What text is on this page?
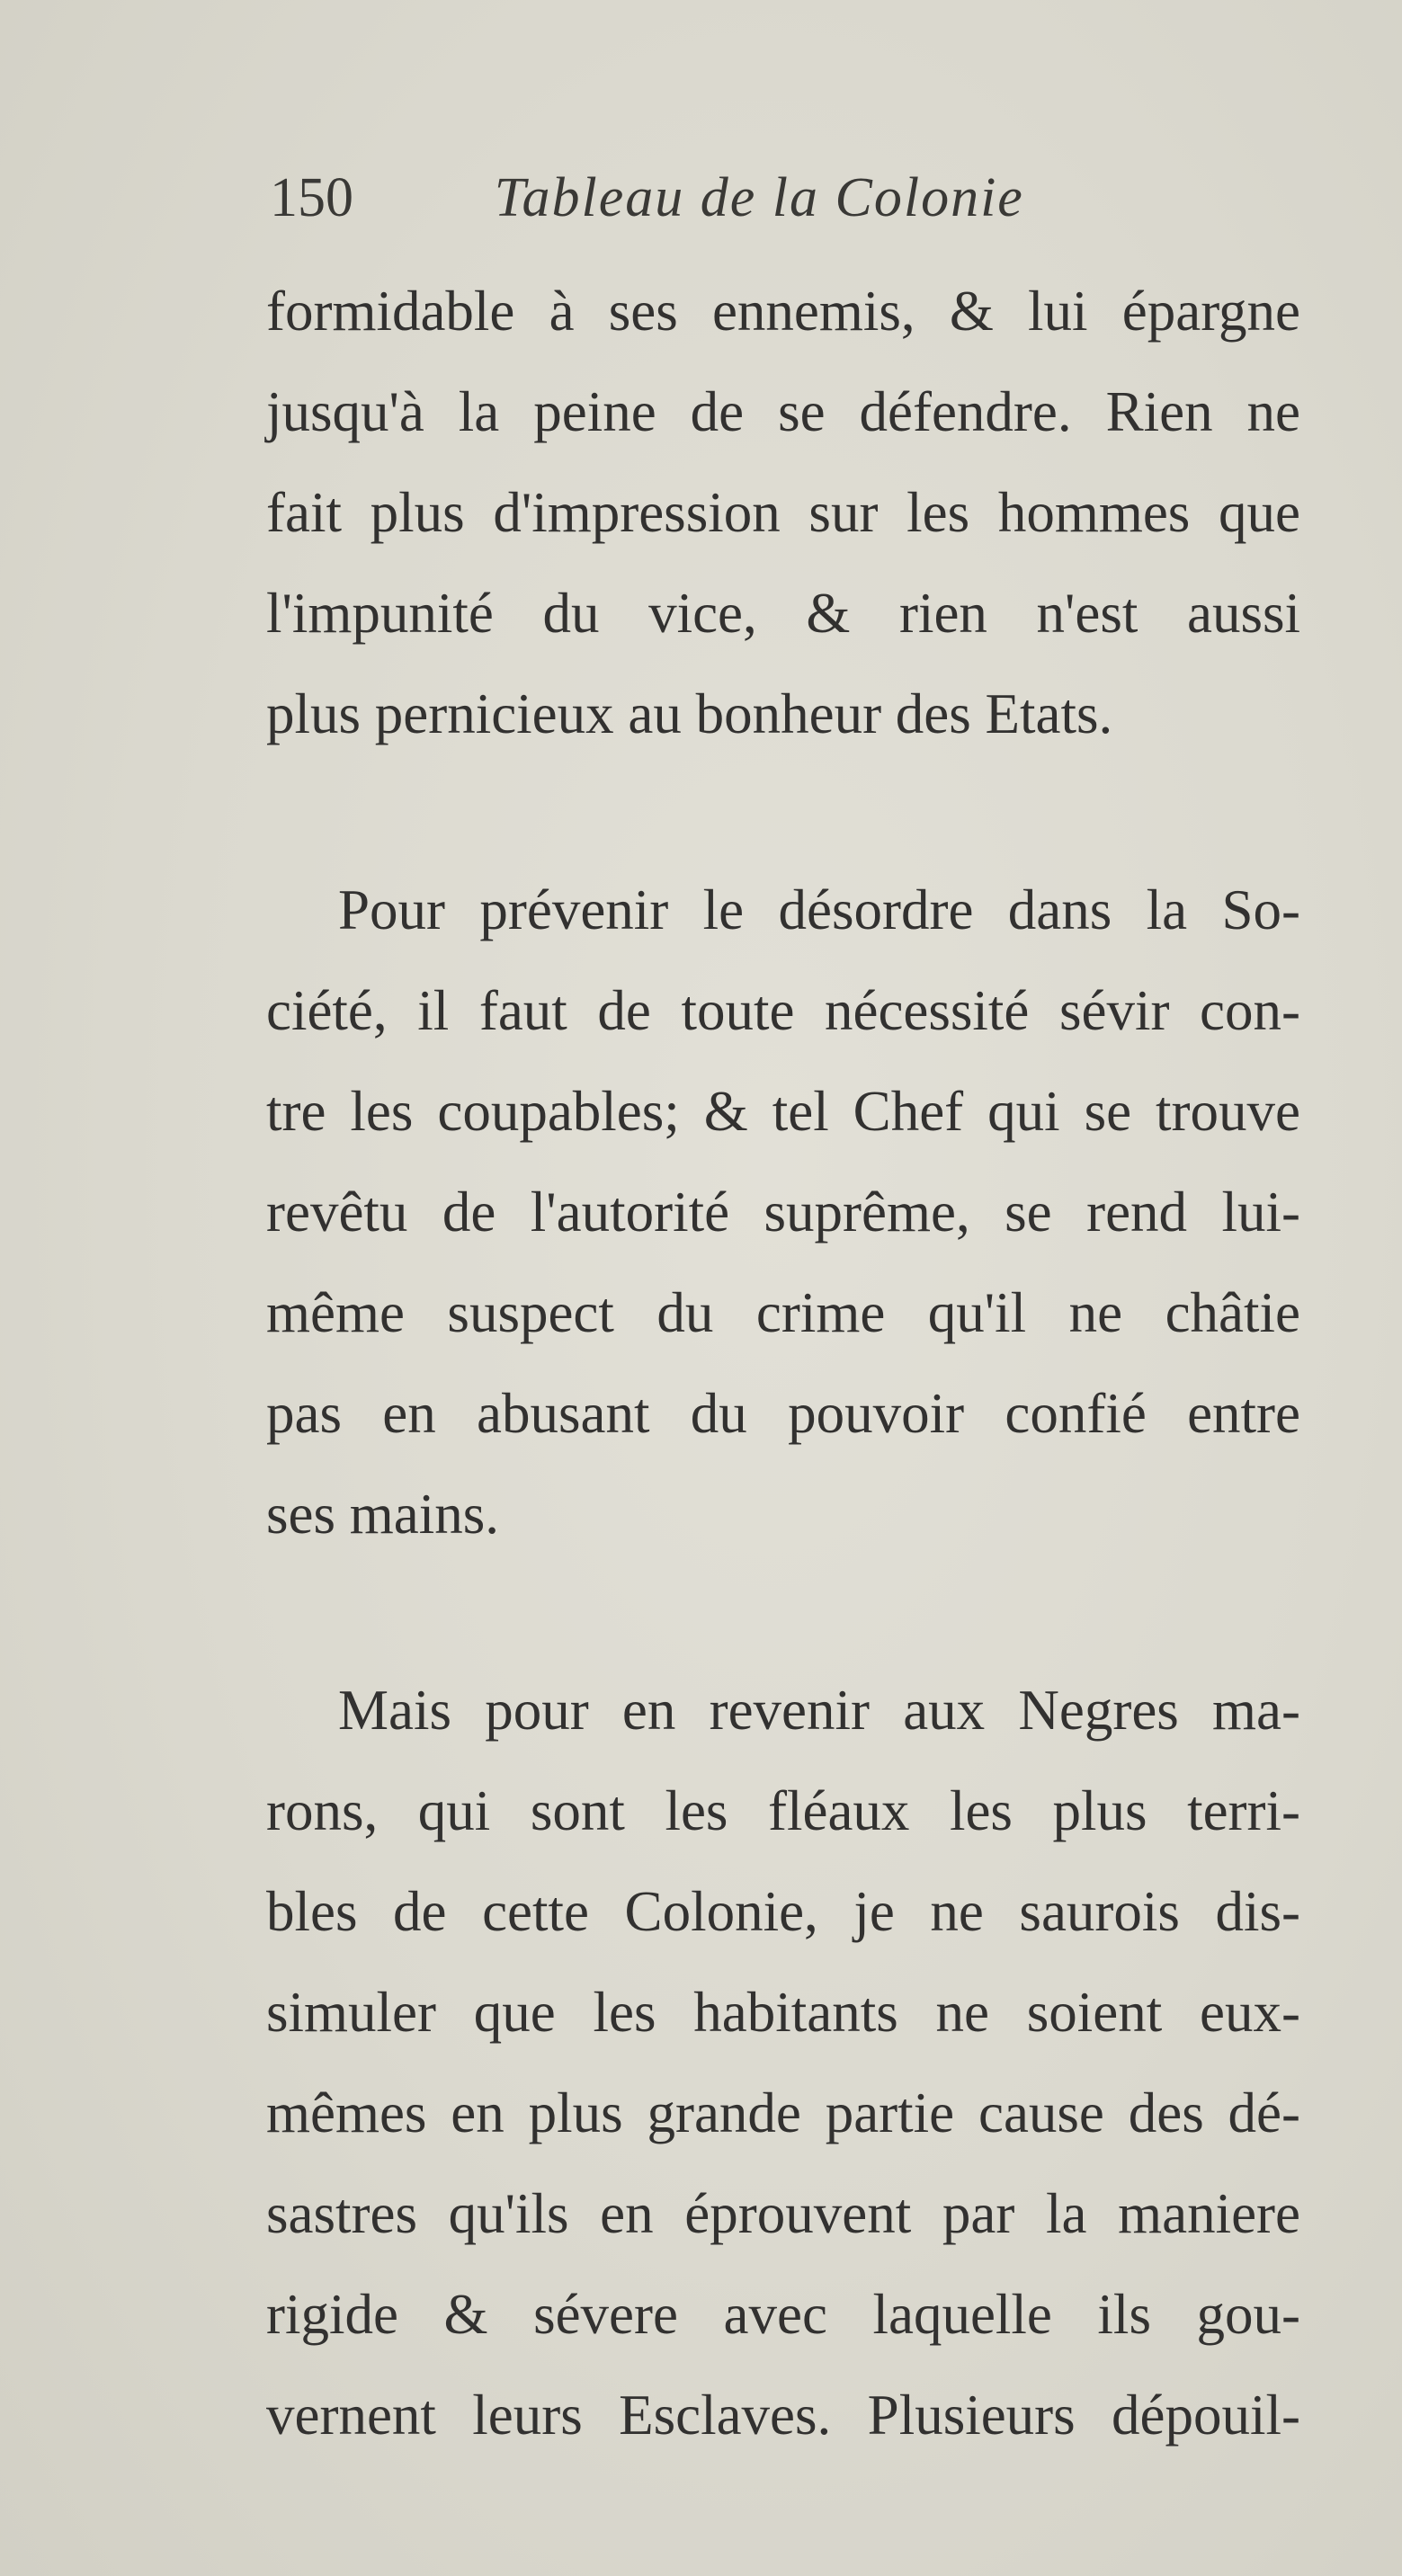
150	Tableau de la Colonie
formidable à ses ennemis, & lui épargne
jusqu'à la peine de se défendre. Rien ne
fait plus d'impression sur les hommes que
l'impunité du vice, & rien n'est aussi
plus pernicieux au bonheur des Etats.
Pour prévenir le désordre dans la So-
ciété, il faut de toute nécessité sévir con-
tre les coupables; & tel Chef qui se trouve
revêtu de l'autorité suprême, se rend lui-
même suspect du crime qu'il ne châtie
pas en abusant du pouvoir confié entre
ses mains.
Mais pour en revenir aux Negres ma-
rons, qui sont les fléaux les plus terri-
bles de cette Colonie, je ne saurois dis-
simuler que les habitants ne soient eux-
mêmes en plus grande partie cause des dé-
sastres qu'ils en éprouvent par la maniere
rigide & sévere avec laquelle ils gou-
vernent leurs Esclaves. Plusieurs dépouil-
